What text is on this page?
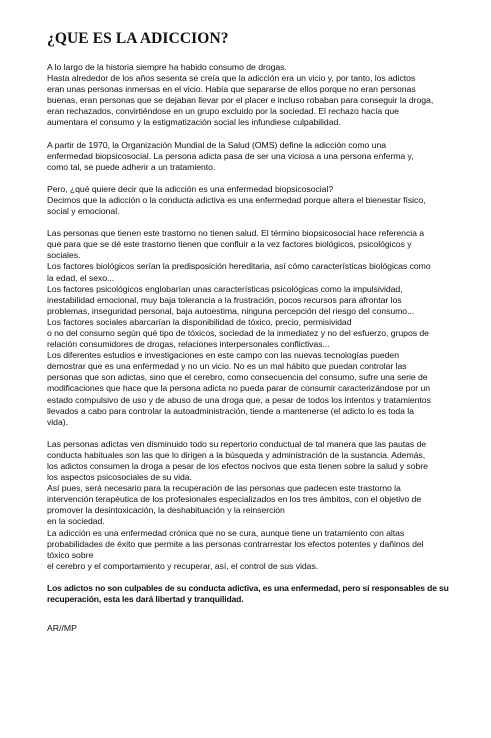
¿QUE ES LA ADICCION?
A lo largo de la historia siempre ha habido consumo de drogas.
Hasta alrededor de los años sesenta se creía que la adicción era un vicio y, por tanto, los adictos
eran unas personas inmersas en el vicio. Había que separarse de ellos porque no eran personas
buenas, eran personas que se dejaban llevar por el placer e incluso robaban para conseguir la droga,
eran rechazados, convirtiéndose en un grupo excluido por la sociedad. El rechazo hacía que
aumentara el consumo y la estigmatización social les infundiese culpabilidad.
A partir de 1970, la Organización Mundial de la Salud (OMS) define la adicción como una
enfermedad biopsicosocial. La persona adicta pasa de ser una viciosa a una persona enferma y,
como tal, se puede adherir a un tratamiento.
Pero, ¿qué quiere decir que la adicción es una enfermedad biopsicosocial?
Decimos que la adicción o la conducta adictiva es una enfermedad porque altera el bienestar físico,
social y emocional.
Las personas que tienen este trastorno no tienen salud. El término biopsicosocial hace referencia a
que para que se dé este trastorno tienen que confluir a la vez factores biológicos, psicológicos y
sociales.
Los factores biológicos serían la predisposición hereditaria, así cómo características biológicas como
la edad, el sexo...
Los factores psicológicos englobarían unas características psicológicas como la impulsividad,
inestabilidad emocional, muy baja tolerancia a la frustración, pocos recursos para afrontar los
problemas, inseguridad personal, baja autoestima, ninguna percepción del riesgo del consumo...
Los factores sociales abarcarían la disponibilidad de tóxico, precio, permisividad
o no del consumo según qué tipo de tóxicos, sociedad de la inmediatez y no del esfuerzo, grupos de
relación consumidores de drogas, relaciones interpersonales conflictivas...
Los diferentes estudios e investigaciones en este campo con las nuevas tecnologías pueden
demostrar que es una enfermedad y no un vicio. No es un mal hábito que puedan controlar las
personas que son adictas, sino que el cerebro, como consecuencia del consumo, sufre una serie de
modificaciones que hace que la persona adicta no pueda parar de consumir caracterizándose por un
estado compulsivo de uso y de abuso de una droga que, a pesar de todos los intentos y tratamientos
llevados a cabo para controlar la autoadministración, tiende a mantenerse (el adicto lo es toda la
vida).
Las personas adictas ven disminuido todo su repertorio conductual de tal manera que las pautas de
conducta habituales son las que lo dirigen a la búsqueda y administración de la sustancia. Además,
los adictos consumen la droga a pesar de los efectos nocivos que esta tienen sobre la salud y sobre
los aspectos psicosociales de su vida.
Así pues, será necesario para la recuperación de las personas que padecen este trastorno la
intervención terapéutica de los profesionales especializados en los tres ámbitos, con el objetivo de
promover la desintoxicación, la deshabituación y la reinserción
en la sociedad.
La adicción es una enfermedad crónica que no se cura, aunque tiene un tratamiento con altas
probabilidades de éxito que permite a las personas contrarrestar los efectos potentes y dañinos del
tóxico sobre
el cerebro y el comportamiento y recuperar, así, el control de sus vidas.
Los adictos no son culpables de su conducta adictiva, es una enfermedad, pero sí responsables de su
recuperación, esta les dará libertad y tranquilidad.
AR//MP
